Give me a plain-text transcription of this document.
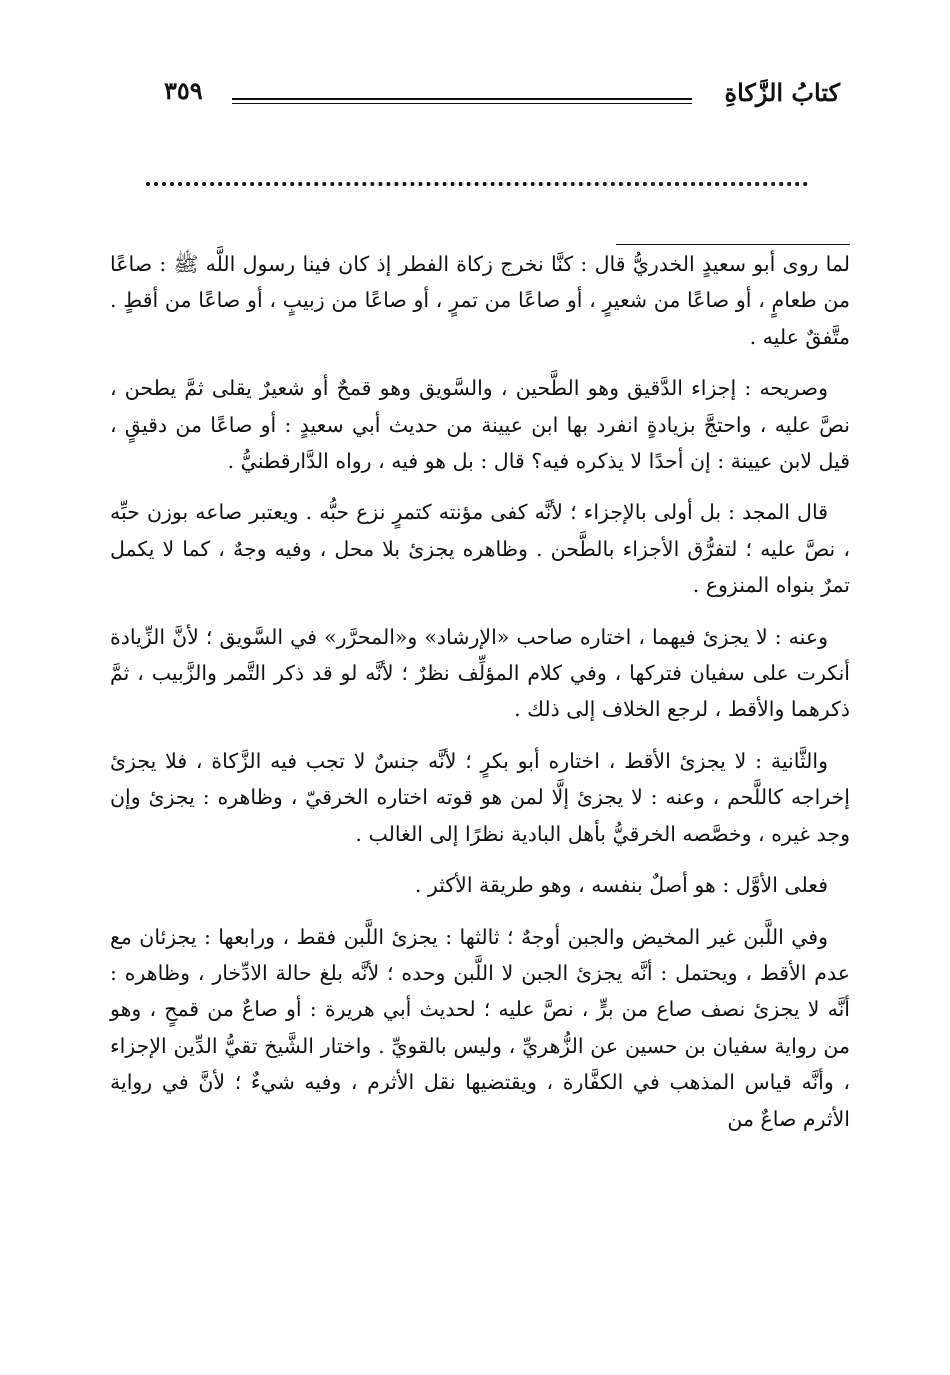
كتابُ الزَّكاةِ
٣٥٩

لما روى أبو سعيدٍ الخدريُّ قال : كنَّا نخرج زكاة الفطر إذ كان فينا رسول اللَّه ﷺ : صاعًا من طعامٍ ، أو صاعًا من شعيرٍ ، أو صاعًا من تمرٍ ، أو صاعًا من زبيبٍ ، أو صاعًا من أقطٍ . متَّفقٌ عليه .

وصريحه : إجزاء الدَّقيق وهو الطَّحين ، والسَّويق وهو قمحٌ أو شعيرٌ يقلى ثمَّ يطحن ، نصَّ عليه ، واحتجَّ بزيادةٍ انفرد بها ابن عيينة من حديث أبي سعيدٍ : أو صاعًا من دقيقٍ ، قيل لابن عيينة : إن أحدًا لا يذكره فيه؟ قال : بل هو فيه ، رواه الدَّارقطنيُّ .

قال المجد : بل أولى بالإجزاء ؛ لأنَّه كفى مؤنته كتمرٍ نزع حبُّه . ويعتبر صاعه بوزن حبِّه ، نصَّ عليه ؛ لتفرُّق الأجزاء بالطَّحن . وظاهره يجزئ بلا محل ، وفيه وجهٌ ، كما لا يكمل تمرٌ بنواه المنزوع .

وعنه : لا يجزئ فيهما ، اختاره صاحب «الإرشاد» و«المحرَّر» في السَّويق ؛ لأنَّ الزِّيادة أنكرت على سفيان فتركها ، وفي كلام المؤلِّف نظرٌ ؛ لأنَّه لو قد ذكر التَّمر والزَّبيب ، ثمَّ ذكرهما والأقط ، لرجع الخلاف إلى ذلك .

والثَّانية : لا يجزئ الأقط ، اختاره أبو بكرٍ ؛ لأنَّه جنسٌ لا تجب فيه الزَّكاة ، فلا يجزئ إخراجه كاللَّحم ، وعنه : لا يجزئ إلَّا لمن هو قوته اختاره الخرقيّ ، وظاهره : يجزئ وإن وجد غيره ، وخصَّصه الخرقيُّ بأهل البادية نظرًا إلى الغالب .

فعلى الأوَّل : هو أصلٌ بنفسه ، وهو طريقة الأكثر .

وفي اللَّبن غير المخيض والجبن أوجهٌ ؛ ثالثها : يجزئ اللَّبن فقط ، ورابعها : يجزئان مع عدم الأقط ، ويحتمل : أنَّه يجزئ الجبن لا اللَّبن وحده ؛ لأنَّه بلغ حالة الادِّخار ، وظاهره : أنَّه لا يجزئ نصف صاع من برٍّ ، نصَّ عليه ؛ لحديث أبي هريرة : أو صاعٌ من قمحٍ ، وهو من رواية سفيان بن حسين عن الزُّهريِّ ، وليس بالقويِّ . واختار الشَّيخ تقيُّ الدِّين الإجزاء ، وأنَّه قياس المذهب في الكفَّارة ، ويقتضيها نقل الأثرم ، وفيه شيءٌ ؛ لأنَّ في رواية الأثرم صاعٌ من
